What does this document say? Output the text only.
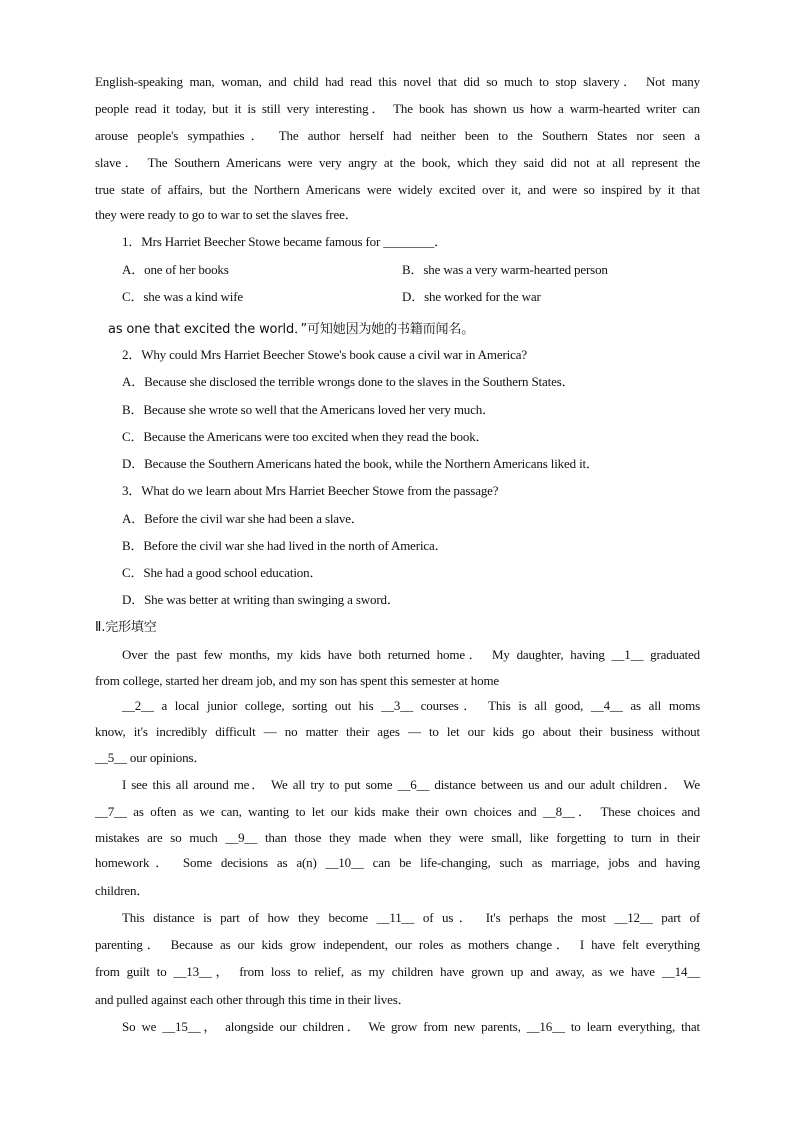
English-speaking man, woman, and child had read this novel that did so much to stop slavery． Not many
people read it today, but it is still very interesting． The book has shown us how a warm-hearted writer can
arouse people's sympathies． The author herself had neither been to the Southern States nor seen a
slave． The Southern Americans were very angry at the book, which they said did not at all represent the
true state of affairs, but the Northern Americans were widely excited over it, and were so inspired by it that
they were ready to go to war to set the slaves free．
1．Mrs Harriet Beecher Stowe became famous for ________．
A．one of her books	B．she was a very warm-hearted person
C．she was a kind wife	D．she worked for the war
as one that excited the world．”可知她因为她的书籍而闻名。
2．Why could Mrs Harriet Beecher Stowe's book cause a civil war in America?
A．Because she disclosed the terrible wrongs done to the slaves in the Southern States．
B．Because she wrote so well that the Americans loved her very much．
C．Because the Americans were too excited when they read the book．
D．Because the Southern Americans hated the book, while the Northern Americans liked it．
3．What do we learn about Mrs Harriet Beecher Stowe from the passage?
A．Before the civil war she had been a slave．
B．Before the civil war she had lived in the north of America．
C．She had a good school education．
D．She was better at writing than swinging a sword．
Ⅱ.完形填空
Over the past few months, my kids have both returned home． My daughter, having __1__ graduated
from college, started her dream job, and my son has spent this semester at home
__2__ a local junior college, sorting out his __3__ courses． This is all good, __4__ as all moms
know, it's incredibly difficult — no matter their ages — to let our kids go about their business without
__5__ our opinions．
I see this all around me． We all try to put some __6__ distance between us and our adult children． We
__7__ as often as we can, wanting to let our kids make their own choices and __8__． These choices and
mistakes are so much __9__ than those they made when they were small, like forgetting to turn in their
homework． Some decisions as a(n) __10__ can be life-changing, such as marriage, jobs and having
children．
This distance is part of how they become __11__ of us． It's perhaps the most __12__ part of
parenting． Because as our kids grow independent, our roles as mothers change． I have felt everything
from guilt to __13__， from loss to relief, as my children have grown up and away, as we have __14__
and pulled against each other through this time in their lives．
So we __15__， alongside our children． We grow from new parents, __16__ to learn everything, that
